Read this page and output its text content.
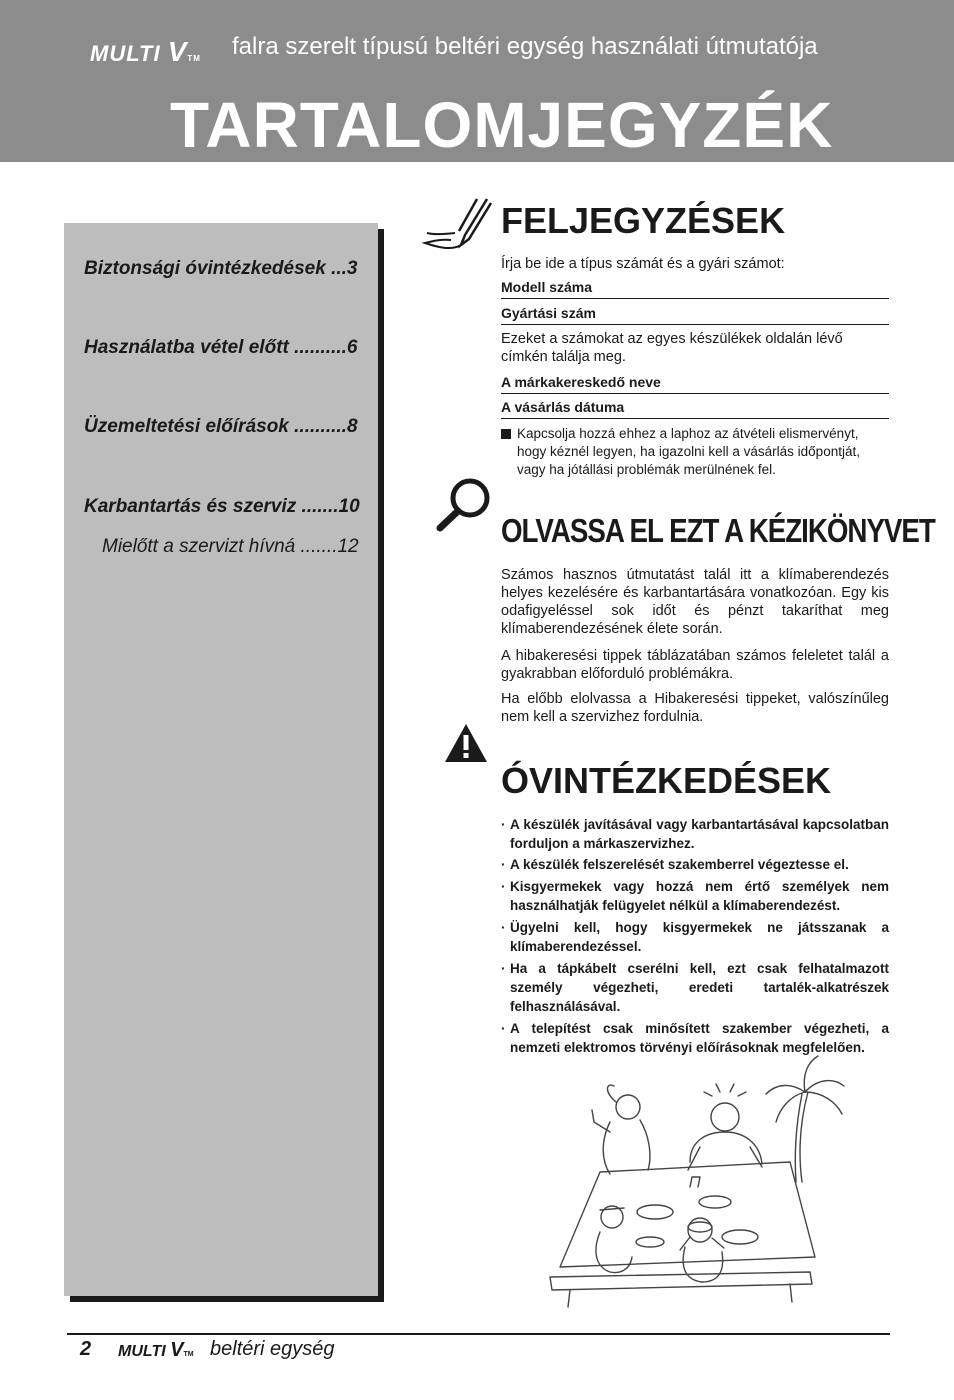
MULTI VTM falra szerelt típusú beltéri egység használati útmutatója
TARTALOMJEGYZÉK
Biztonsági óvintézkedések ...3
Használatba vétel előtt ..........6
Üzemeltetési előírások ..........8
Karbantartás és szerviz .......10
Mielőtt a szervizt hívná .......12
FELJEGYZÉSEK
Írja be ide a típus számát és a gyári számot:
Modell száma
Gyártási szám
Ezeket a számokat az egyes készülékek oldalán lévő címkén találja meg.
A márkakereskedő neve
A vásárlás dátuma
Kapcsolja hozzá ehhez a laphoz az átvételi elismervényt, hogy kéznél legyen, ha igazolni kell a vásárlás időpontját, vagy ha jótállási problémák merülnének fel.
OLVASSA EL EZT A KÉZIKÖNYVET
Számos hasznos útmutatást talál itt a klímaberendezés helyes kezelésére és karbantartására vonatkozóan. Egy kis odafigyeléssel sok időt és pénzt takaríthat meg klímaberendezésének élete során.
A hibakeresési tippek táblázatában számos feleletet talál a gyakrabban előforduló problémákra.
Ha előbb elolvassa a Hibakeresési tippeket, valószínűleg nem kell a szervizhez fordulnia.
ÓVINTÉZKEDÉSEK
· A készülék javításával vagy karbantartásával kapcsolatban forduljon a márkaszervizhez.
· A készülék felszerelését szakemberrel végeztesse el.
· Kisgyermekek vagy hozzá nem értő személyek nem használhatják felügyelet nélkül a klímaberendezést.
· Ügyelni kell, hogy kisgyermekek ne játsszanak a klímaberendezéssel.
· Ha a tápkábelt cserélni kell, ezt csak felhatalmazott személy végezheti, eredeti tartalék-alkatrészek felhasználásával.
· A telepítést csak minősített szakember végezheti, a nemzeti elektromos törvényi előírásoknak megfelelően.
2 MULTI VTM beltéri egység
